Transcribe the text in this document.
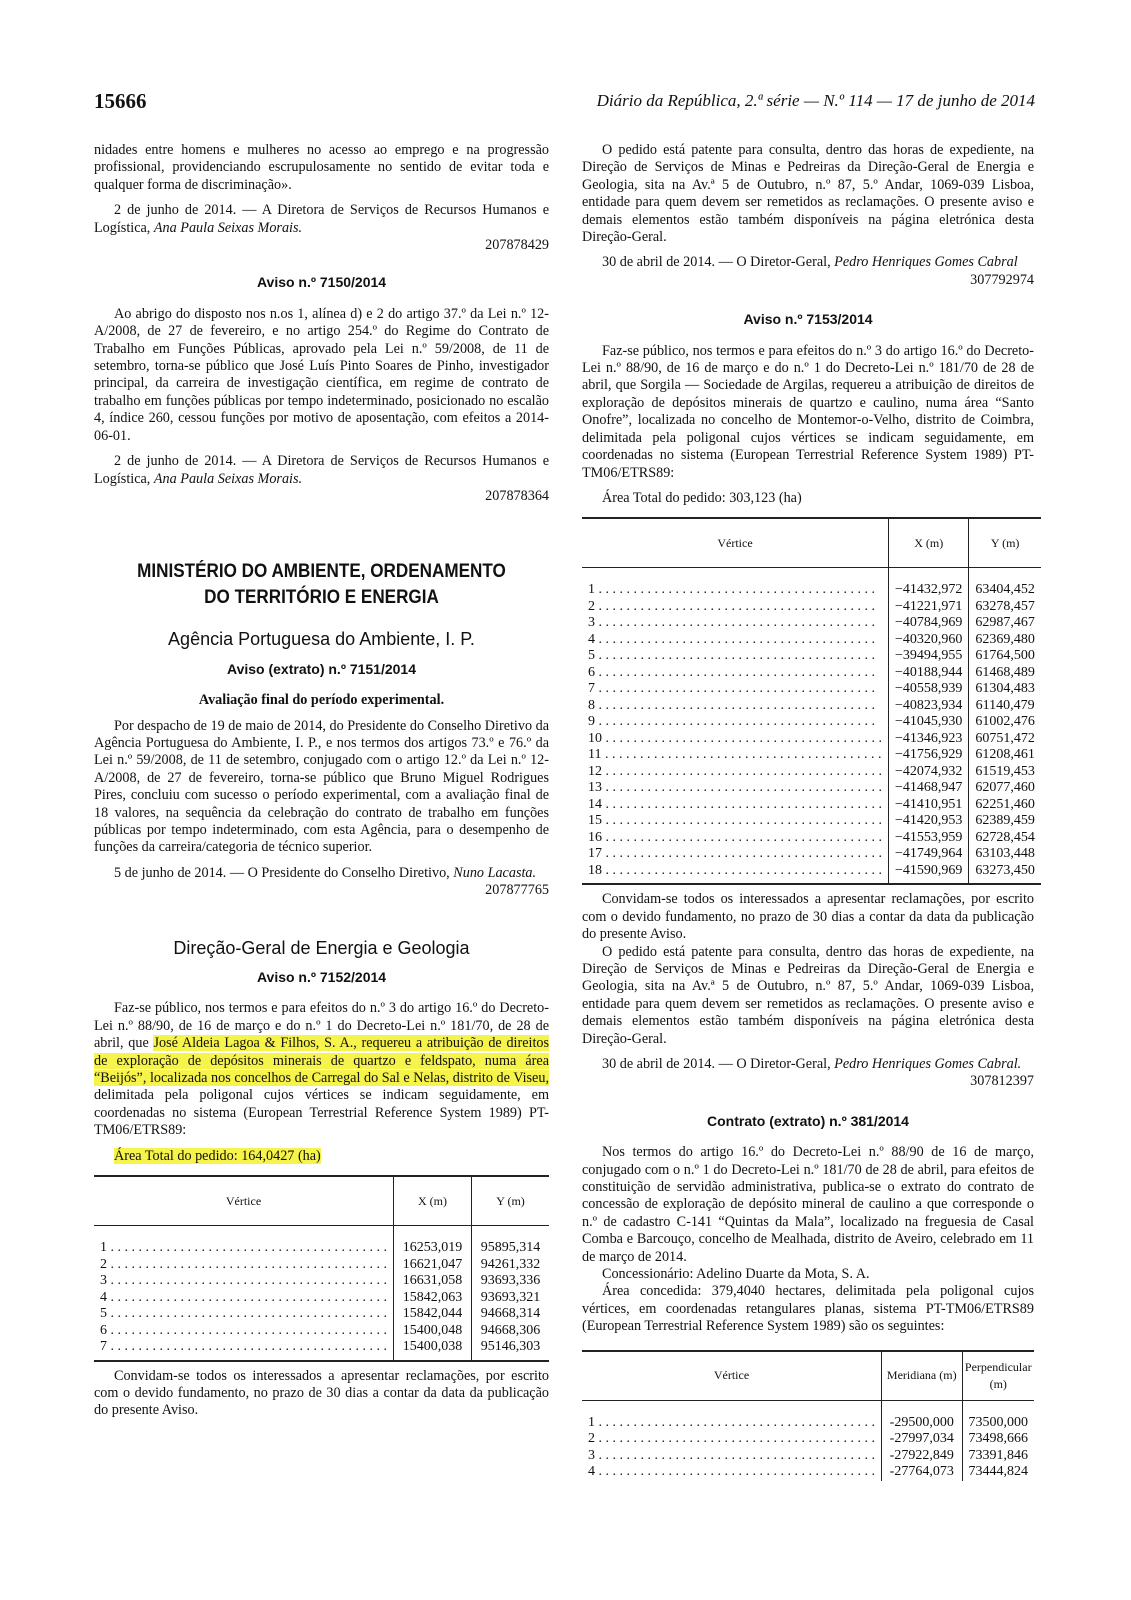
15666	Diário da República, 2.ª série — N.º 114 — 17 de junho de 2014

nidades entre homens e mulheres no acesso ao emprego e na progressão profissional, providenciando escrupulosamente no sentido de evitar toda e qualquer forma de discriminação».

2 de junho de 2014. — A Diretora de Serviços de Recursos Humanos e Logística, Ana Paula Seixas Morais.

207878429

Aviso n.º 7150/2014

Ao abrigo do disposto nos n.os 1, alínea d) e 2 do artigo 37.º da Lei n.º 12-A/2008, de 27 de fevereiro, e no artigo 254.º do Regime do Contrato de Trabalho em Funções Públicas, aprovado pela Lei n.º 59/2008, de 11 de setembro, torna-se público que José Luís Pinto Soares de Pinho, investigador principal, da carreira de investigação científica, em regime de contrato de trabalho em funções públicas por tempo indeterminado, posicionado no escalão 4, índice 260, cessou funções por motivo de aposentação, com efeitos a 2014-06-01.

2 de junho de 2014. — A Diretora de Serviços de Recursos Humanos e Logística, Ana Paula Seixas Morais.

207878364

MINISTÉRIO DO AMBIENTE, ORDENAMENTO
DO TERRITÓRIO E ENERGIA
Agência Portuguesa do Ambiente, I. P.
Aviso (extrato) n.º 7151/2014
Avaliação final do período experimental.

Por despacho de 19 de maio de 2014, do Presidente do Conselho Diretivo da Agência Portuguesa do Ambiente, I. P., e nos termos dos artigos 73.º e 76.º da Lei n.º 59/2008, de 11 de setembro, conjugado com o artigo 12.º da Lei n.º 12-A/2008, de 27 de fevereiro, torna-se público que Bruno Miguel Rodrigues Pires, concluiu com sucesso o período experimental, com a avaliação final de 18 valores, na sequência da celebração do contrato de trabalho em funções públicas por tempo indeterminado, com esta Agência, para o desempenho de funções da carreira/categoria de técnico superior.

5 de junho de 2014. — O Presidente do Conselho Diretivo, Nuno Lacasta.

207877765

Direção-Geral de Energia e Geologia
Aviso n.º 7152/2014

Faz-se público, nos termos e para efeitos do n.º 3 do artigo 16.º do Decreto-Lei n.º 88/90, de 16 de março e do n.º 1 do Decreto-Lei n.º 181/70, de 28 de abril, que José Aldeia Lagoa & Filhos, S. A., requereu a atribuição de direitos de exploração de depósitos minerais de quartzo e feldspato, numa área “Beijós”, localizada nos concelhos de Carregal do Sal e Nelas, distrito de Viseu, delimitada pela poligonal cujos vértices se indicam seguidamente, em coordenadas no sistema (European Terrestrial Reference System 1989) PT-TM06/ETRS89:

Área Total do pedido: 164,0427 (ha)

Vértice	X (m)	Y (m)

1 . . . . . . . . . . . . . . . . . . . . . . . . . . . . . . . . . . . . . . . .	16253,019	95895,314
2 . . . . . . . . . . . . . . . . . . . . . . . . . . . . . . . . . . . . . . . .	16621,047	94261,332
3 . . . . . . . . . . . . . . . . . . . . . . . . . . . . . . . . . . . . . . . .	16631,058	93693,336
4 . . . . . . . . . . . . . . . . . . . . . . . . . . . . . . . . . . . . . . . .	15842,063	93693,321
5 . . . . . . . . . . . . . . . . . . . . . . . . . . . . . . . . . . . . . . . .	15842,044	94668,314
6 . . . . . . . . . . . . . . . . . . . . . . . . . . . . . . . . . . . . . . . .	15400,048	94668,306
7 . . . . . . . . . . . . . . . . . . . . . . . . . . . . . . . . . . . . . . . .	15400,038	95146,303

Convidam-se todos os interessados a apresentar reclamações, por escrito com o devido fundamento, no prazo de 30 dias a contar da data da publicação do presente Aviso.

O pedido está patente para consulta, dentro das horas de expediente, na Direção de Serviços de Minas e Pedreiras da Direção-Geral de Energia e Geologia, sita na Av.ª 5 de Outubro, n.º 87, 5.º Andar, 1069-039 Lisboa, entidade para quem devem ser remetidos as reclamações. O presente aviso e demais elementos estão também disponíveis na página eletrónica desta Direção-Geral.

30 de abril de 2014. — O Diretor-Geral, Pedro Henriques Gomes Cabral

307792974

Aviso n.º 7153/2014

Faz-se público, nos termos e para efeitos do n.º 3 do artigo 16.º do Decreto-Lei n.º 88/90, de 16 de março e do n.º 1 do Decreto-Lei n.º 181/70 de 28 de abril, que Sorgila — Sociedade de Argilas, requereu a atribuição de direitos de exploração de depósitos minerais de quartzo e caulino, numa área “Santo Onofre”, localizada no concelho de Montemor-o-Velho, distrito de Coimbra, delimitada pela poligonal cujos vértices se indicam seguidamente, em coordenadas no sistema (European Terrestrial Reference System 1989) PT-TM06/ETRS89:

Área Total do pedido: 303,123 (ha)

Vértice	X (m)	Y (m)

1 . . . . . . . . . . . . . . . . . . . . . . . . . . . . . . . . . . . . . . . .	−41432,972	63404,452
2 . . . . . . . . . . . . . . . . . . . . . . . . . . . . . . . . . . . . . . . .	−41221,971	63278,457
3 . . . . . . . . . . . . . . . . . . . . . . . . . . . . . . . . . . . . . . . .	−40784,969	62987,467
4 . . . . . . . . . . . . . . . . . . . . . . . . . . . . . . . . . . . . . . . .	−40320,960	62369,480
5 . . . . . . . . . . . . . . . . . . . . . . . . . . . . . . . . . . . . . . . .	−39494,955	61764,500
6 . . . . . . . . . . . . . . . . . . . . . . . . . . . . . . . . . . . . . . . .	−40188,944	61468,489
7 . . . . . . . . . . . . . . . . . . . . . . . . . . . . . . . . . . . . . . . .	−40558,939	61304,483
8 . . . . . . . . . . . . . . . . . . . . . . . . . . . . . . . . . . . . . . . .	−40823,934	61140,479
9 . . . . . . . . . . . . . . . . . . . . . . . . . . . . . . . . . . . . . . . .	−41045,930	61002,476
10 . . . . . . . . . . . . . . . . . . . . . . . . . . . . . . . . . . . . . . . .	−41346,923	60751,472
11 . . . . . . . . . . . . . . . . . . . . . . . . . . . . . . . . . . . . . . . .	−41756,929	61208,461
12 . . . . . . . . . . . . . . . . . . . . . . . . . . . . . . . . . . . . . . . .	−42074,932	61519,453
13 . . . . . . . . . . . . . . . . . . . . . . . . . . . . . . . . . . . . . . . .	−41468,947	62077,460
14 . . . . . . . . . . . . . . . . . . . . . . . . . . . . . . . . . . . . . . . .	−41410,951	62251,460
15 . . . . . . . . . . . . . . . . . . . . . . . . . . . . . . . . . . . . . . . .	−41420,953	62389,459
16 . . . . . . . . . . . . . . . . . . . . . . . . . . . . . . . . . . . . . . . .	−41553,959	62728,454
17 . . . . . . . . . . . . . . . . . . . . . . . . . . . . . . . . . . . . . . . .	−41749,964	63103,448
18 . . . . . . . . . . . . . . . . . . . . . . . . . . . . . . . . . . . . . . . .	−41590,969	63273,450

Convidam-se todos os interessados a apresentar reclamações, por escrito com o devido fundamento, no prazo de 30 dias a contar da data da publicação do presente Aviso.

O pedido está patente para consulta, dentro das horas de expediente, na Direção de Serviços de Minas e Pedreiras da Direção-Geral de Energia e Geologia, sita na Av.ª 5 de Outubro, n.º 87, 5.º Andar, 1069-039 Lisboa, entidade para quem devem ser remetidos as reclamações. O presente aviso e demais elementos estão também disponíveis na página eletrónica desta Direção-Geral.

30 de abril de 2014. — O Diretor-Geral, Pedro Henriques Gomes Cabral.

307812397

Contrato (extrato) n.º 381/2014

Nos termos do artigo 16.º do Decreto-Lei n.º 88/90 de 16 de março, conjugado com o n.º 1 do Decreto-Lei n.º 181/70 de 28 de abril, para efeitos de constituição de servidão administrativa, publica-se o extrato do contrato de concessão de exploração de depósito mineral de caulino a que corresponde o n.º de cadastro C-141 “Quintas da Mala”, localizado na freguesia de Casal Comba e Barcouço, concelho de Mealhada, distrito de Aveiro, celebrado em 11 de março de 2014.

Concessionário: Adelino Duarte da Mota, S. A.

Área concedida: 379,4040 hectares, delimitada pela poligonal cujos vértices, em coordenadas retangulares planas, sistema PT-TM06/ETRS89 (European Terrestrial Reference System 1989) são os seguintes:

Vértice	Meridiana (m)	Perpendicular (m)

1 . . . . . . . . . . . . . . . . . . . . . . . . . . . . . . . . . . . . . . . .	-29500,000	73500,000
2 . . . . . . . . . . . . . . . . . . . . . . . . . . . . . . . . . . . . . . . .	-27997,034	73498,666
3 . . . . . . . . . . . . . . . . . . . . . . . . . . . . . . . . . . . . . . . .	-27922,849	73391,846
4 . . . . . . . . . . . . . . . . . . . . . . . . . . . . . . . . . . . . . . . .	-27764,073	73444,824
